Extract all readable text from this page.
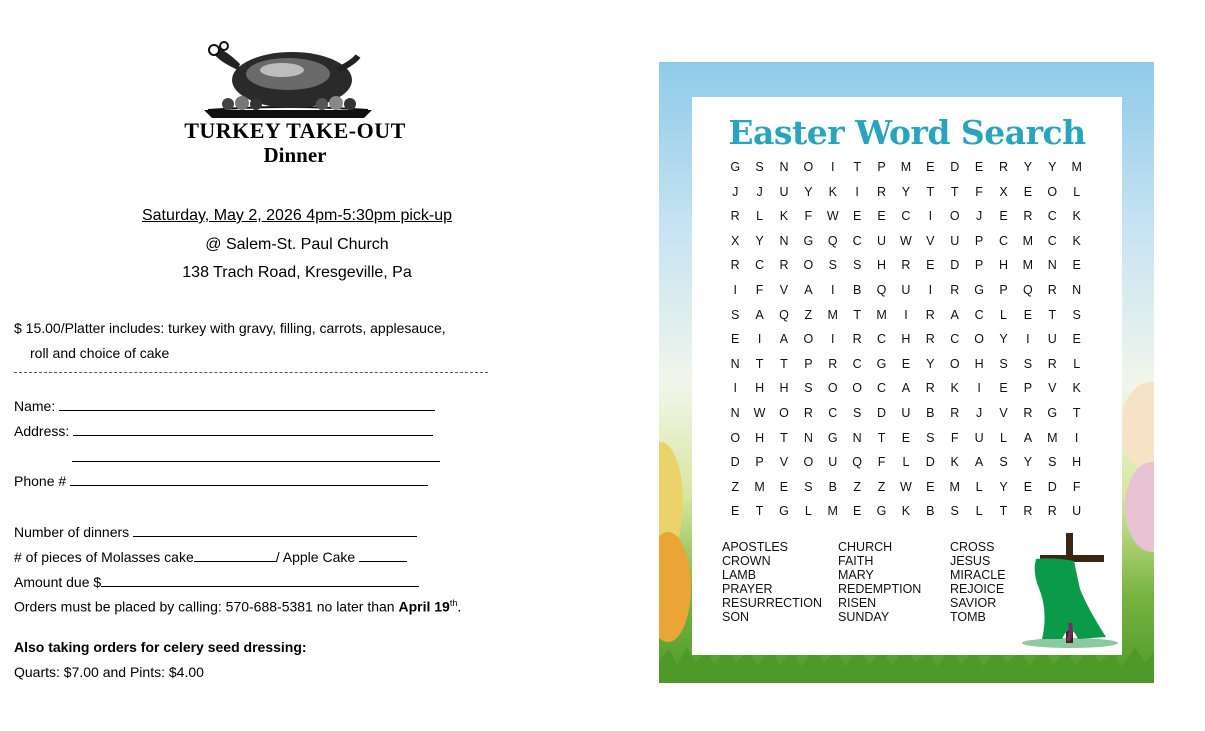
TURKEY TAKE-OUT
Dinner
Saturday, May 2, 2026 4pm-5:30pm pick-up
@ Salem-St. Paul Church
138 Trach Road, Kresgeville, Pa
$ 15.00/Platter includes: turkey with gravy, filling, carrots, applesauce,
roll and choice of cake
Name:
Address:
Phone #
Number of dinners
# of pieces of Molasses cake	/ Apple Cake
Amount due $
Orders must be placed by calling: 570-688-5381 no later than April 19th.
Also taking orders for celery seed dressing:
Quarts: $7.00 and Pints: $4.00
Easter Word Search
G	S	N	O	I	T	P	M	E	D	E	R	Y	Y	M
J	J	U	Y	K	I	R	Y	T	T	F	X	E	O	L
R	L	K	F	W	E	E	C	I	O	J	E	R	C	K
X	Y	N	G	Q	C	U	W	V	U	P	C	M	C	K
R	C	R	O	S	S	H	R	E	D	P	H	M	N	E
I	F	V	A	I	B	Q	U	I	R	G	P	Q	R	N
S	A	Q	Z	M	T	M	I	R	A	C	L	E	T	S
E	I	A	O	I	R	C	H	R	C	O	Y	I	U	E
N	T	T	P	R	C	G	E	Y	O	H	S	S	R	L
I	H	H	S	O	O	C	A	R	K	I	E	P	V	K
N	W	O	R	C	S	D	U	B	R	J	V	R	G	T
O	H	T	N	G	N	T	E	S	F	U	L	A	M	I
D	P	V	O	U	Q	F	L	D	K	A	S	Y	S	H
Z	M	E	S	B	Z	Z	W	E	M	L	Y	E	D	F
E	T	G	L	M	E	G	K	B	S	L	T	R	R	U
APOSTLES
CROWN
LAMB
PRAYER
RESURRECTION
SON
CHURCH
FAITH
MARY
REDEMPTION
RISEN
SUNDAY
CROSS
JESUS
MIRACLE
REJOICE
SAVIOR
TOMB
